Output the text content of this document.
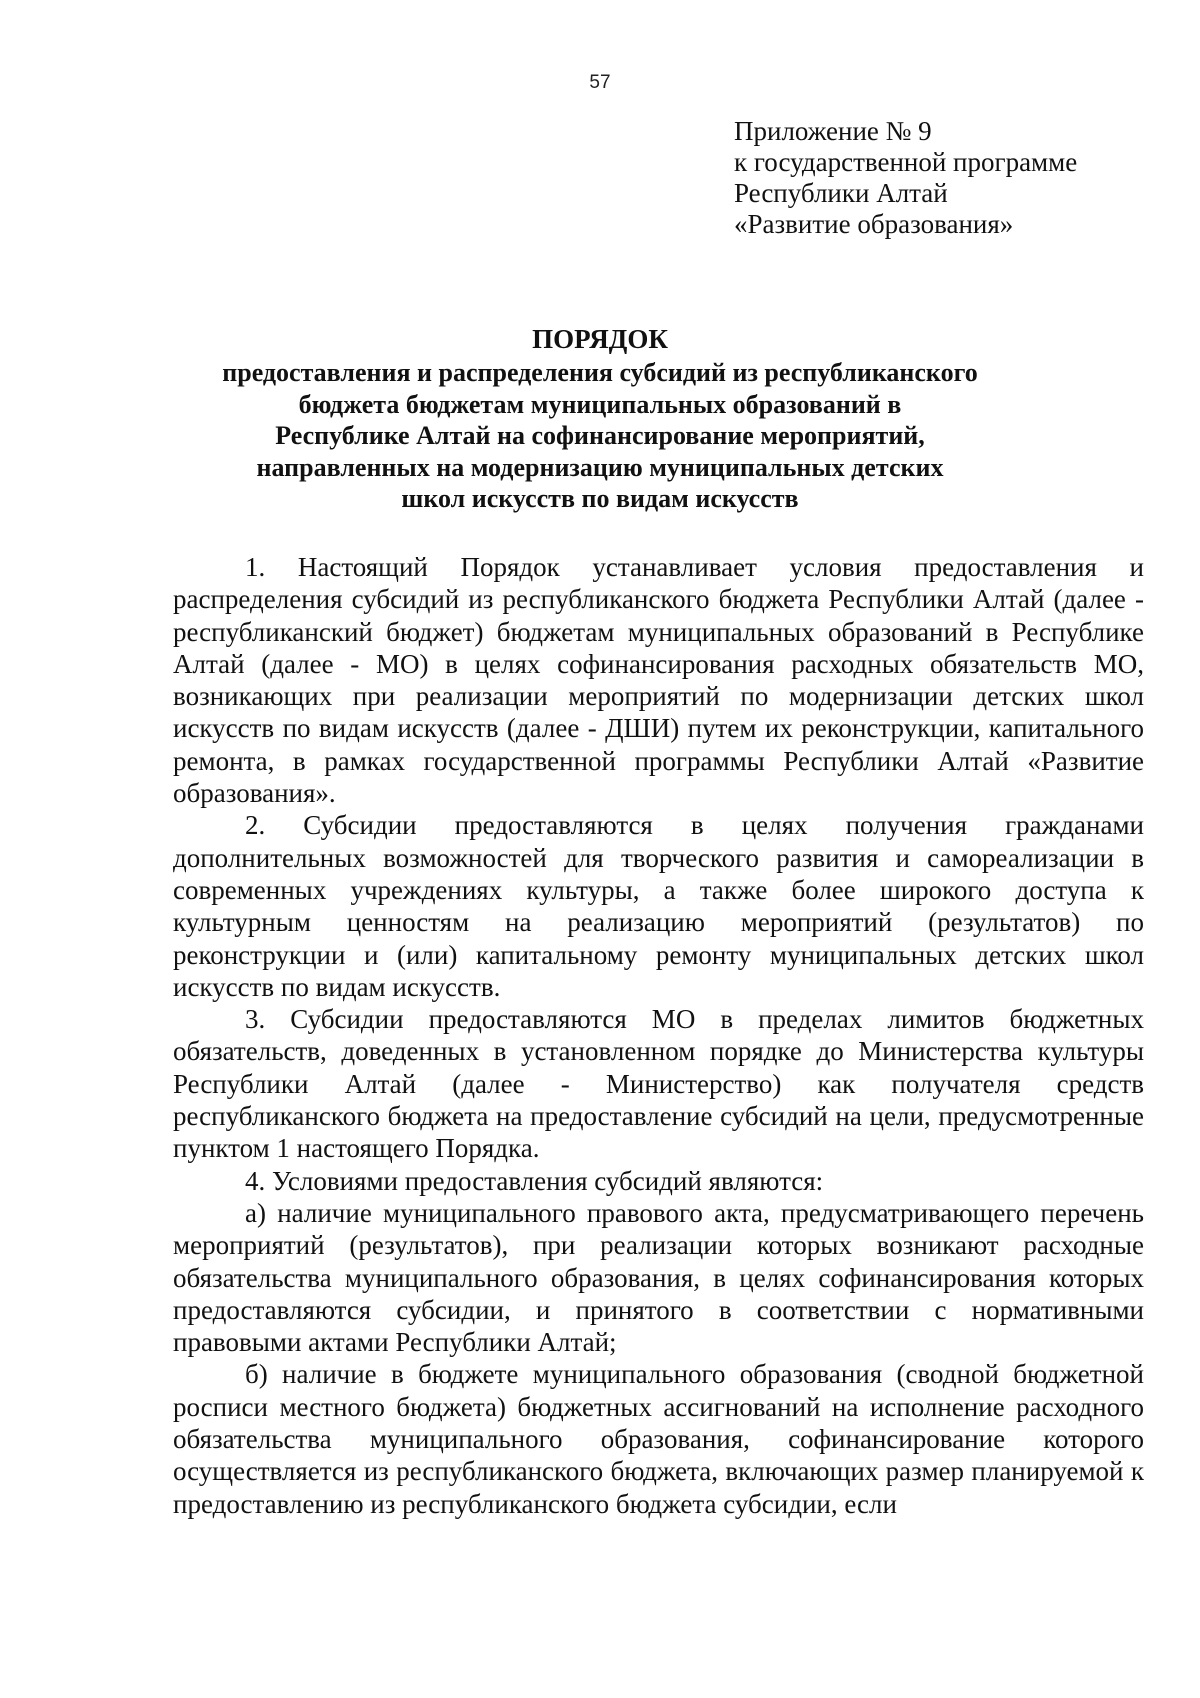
57
Приложение № 9
к государственной программе
Республики Алтай
«Развитие образования»
ПОРЯДОК
предоставления и распределения субсидий из республиканского
бюджета бюджетам муниципальных образований в
Республике Алтай на софинансирование мероприятий,
направленных на модернизацию муниципальных детских
школ искусств по видам искусств

1. Настоящий Порядок устанавливает условия предоставления и распределения субсидий из республиканского бюджета Республики Алтай (далее - республиканский бюджет) бюджетам муниципальных образований в Республике Алтай (далее - МО) в целях софинансирования расходных обязательств МО, возникающих при реализации мероприятий по модернизации детских школ искусств по видам искусств (далее - ДШИ) путем их реконструкции, капитального ремонта, в рамках государственной программы Республики Алтай «Развитие образования».

2. Субсидии предоставляются в целях получения гражданами дополнительных возможностей для творческого развития и самореализации в современных учреждениях культуры, а также более широкого доступа к культурным ценностям на реализацию мероприятий (результатов) по реконструкции и (или) капитальному ремонту муниципальных детских школ искусств по видам искусств.

3. Субсидии предоставляются МО в пределах лимитов бюджетных обязательств, доведенных в установленном порядке до Министерства культуры Республики Алтай (далее - Министерство) как получателя средств республиканского бюджета на предоставление субсидий на цели, предусмотренные пунктом 1 настоящего Порядка.

4. Условиями предоставления субсидий являются:

а) наличие муниципального правового акта, предусматривающего перечень мероприятий (результатов), при реализации которых возникают расходные обязательства муниципального образования, в целях софинансирования которых предоставляются субсидии, и принятого в соответствии с нормативными правовыми актами Республики Алтай;

б) наличие в бюджете муниципального образования (сводной бюджетной росписи местного бюджета) бюджетных ассигнований на исполнение расходного обязательства муниципального образования, софинансирование которого осуществляется из республиканского бюджета, включающих размер планируемой к предоставлению из республиканского бюджета субсидии, если
